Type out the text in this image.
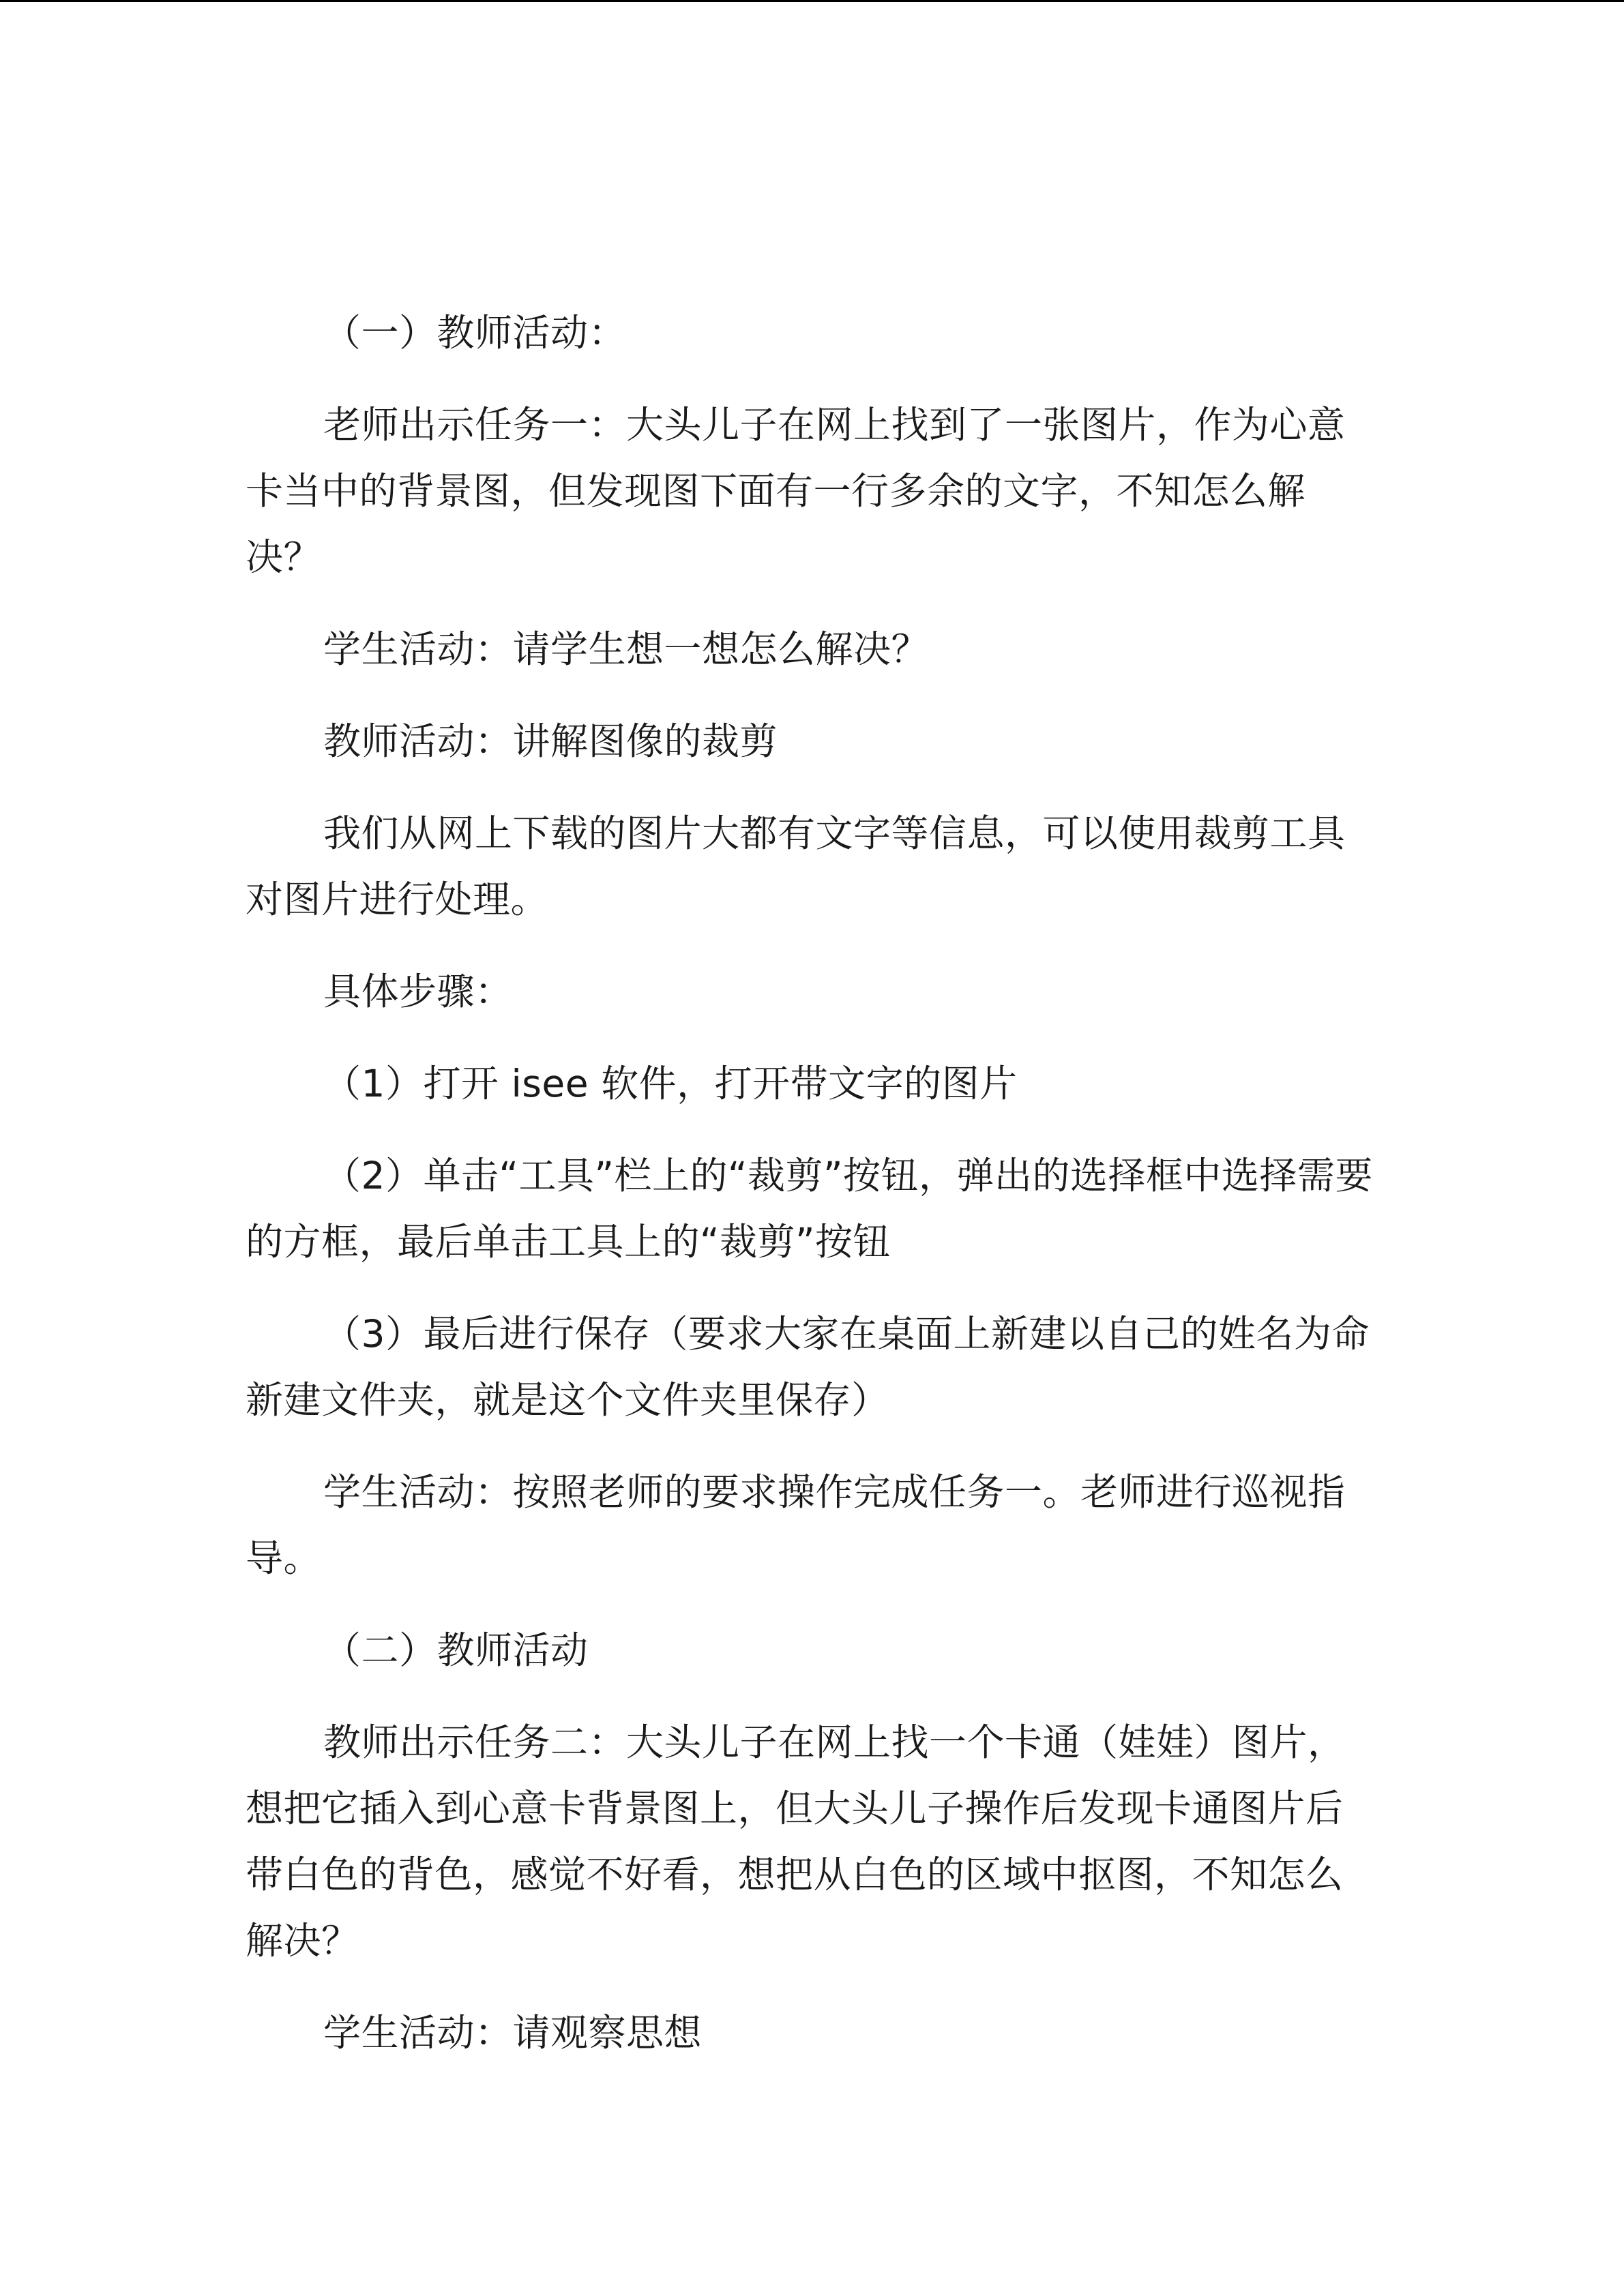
（一）教师活动：

老师出示任务一：大头儿子在网上找到了一张图片，作为心意卡当中的背景图，但发现图下面有一行多余的文字，不知怎么解决？

学生活动：请学生想一想怎么解决？

教师活动：讲解图像的裁剪

我们从网上下载的图片大都有文字等信息，可以使用裁剪工具对图片进行处理。

具体步骤：

（1）打开 isee 软件，打开带文字的图片

（2）单击“工具”栏上的“裁剪”按钮，弹出的选择框中选择需要的方框，最后单击工具上的“裁剪”按钮

（3）最后进行保存（要求大家在桌面上新建以自己的姓名为命新建文件夹，就是这个文件夹里保存）

学生活动：按照老师的要求操作完成任务一。老师进行巡视指导。

（二）教师活动

教师出示任务二：大头儿子在网上找一个卡通（娃娃）图片，想把它插入到心意卡背景图上，但大头儿子操作后发现卡通图片后带白色的背色，感觉不好看，想把从白色的区域中抠图，不知怎么解决？

学生活动：请观察思想
